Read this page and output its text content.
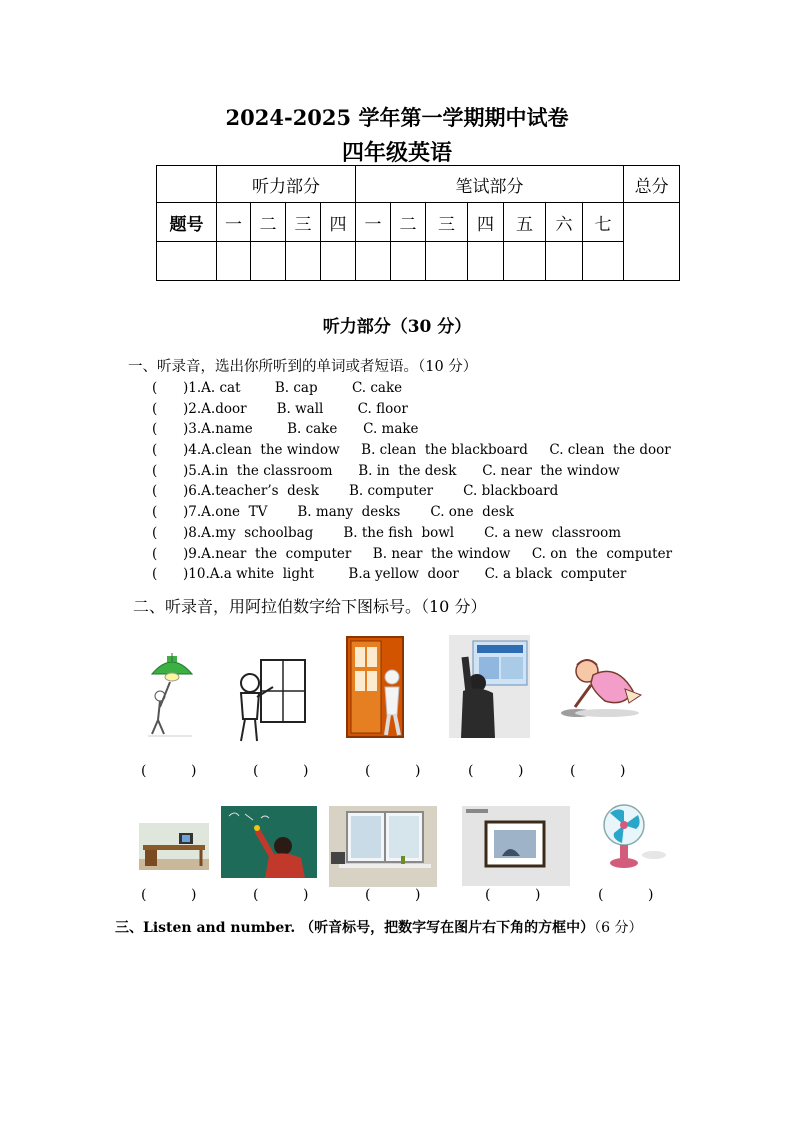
2024-2025 学年第一学期期中试卷
四年级英语
	听力部分				笔试部分							总分
题号	一	二	三	四	一	二	三	四	五	六	七	

听力部分（30 分）
一、听录音，选出你所听到的单词或者短语。（10 分）
(      )1.A. cat        B. cap        C. cake
(      )2.A.door       B. wall        C. floor
(      )3.A.name        B. cake      C. make
(      )4.A.clean  the window     B. clean  the blackboard     C. clean  the door
(      )5.A.in  the classroom      B. in  the desk      C. near  the window
(      )6.A.teacher’s  desk       B. computer       C. blackboard
(      )7.A.one  TV       B. many  desks       C. one  desk
(      )8.A.my  schoolbag       B. the fish  bowl       C. a new  classroom
(      )9.A.near  the  computer     B. near  the window     C. on  the  computer
(      )10.A.a white  light        B.a yellow  door      C. a black  computer
二、听录音，用阿拉伯数字给下图标号。（10 分）
(          )	(          )	(          )	(          )	(          )
(          )	(          )	(          )	(          )	(          )
三、Listen and number. （听音标号，把数字写在图片右下角的方框中）（6 分）
